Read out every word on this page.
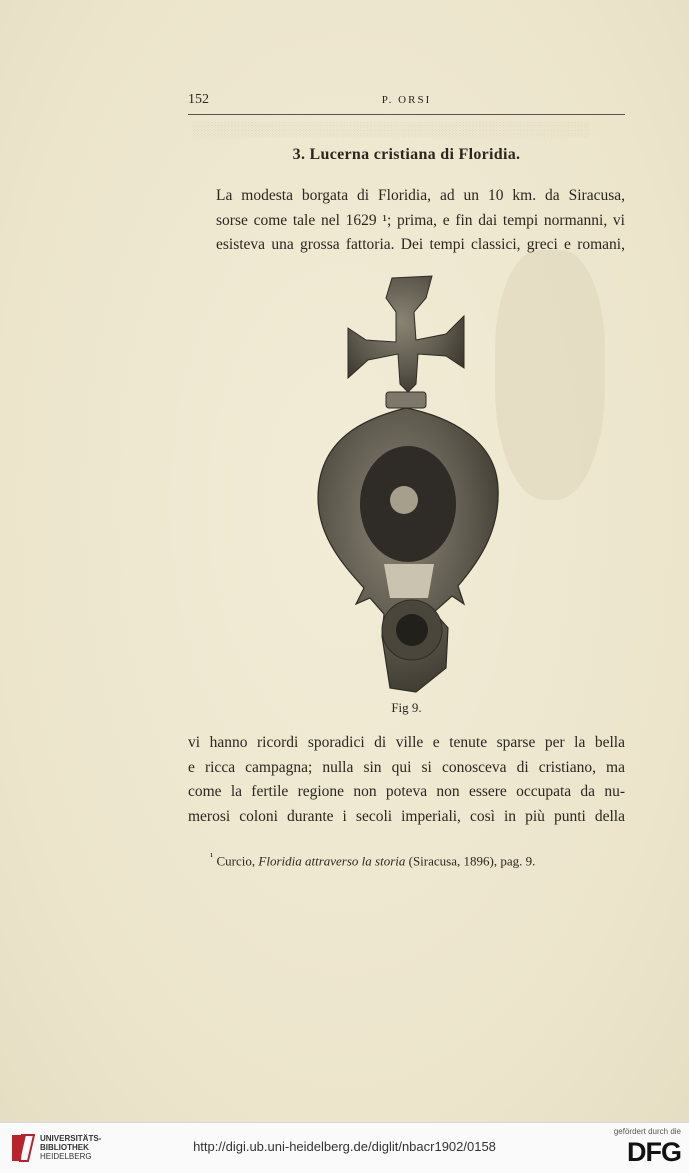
░░░░░░░░░░░░░░░░░░░░░░░░░░░░░░░░░░░░░░░░
152	P. ORSI
3. Lucerna cristiana di Floridia.
La modesta borgata di Floridia, ad un 10 km. da Siracusa,
sorse come tale nel 1629 ¹; prima, e fin dai tempi normanni, vi
esisteva una grossa fattoria. Dei tempi classici, greci e romani,
Fig 9.
vi hanno ricordi sporadici di ville e tenute sparse per la bella
e ricca campagna; nulla sin qui si conosceva di cristiano, ma
come la fertile regione non poteva non essere occupata da nu-
merosi coloni durante i secoli imperiali, così in più punti della
$^{^1}$ Curcio, Floridia attraverso la storia (Siracusa, 1896), pag. 9.
UNIVERSITÄTS-
BIBLIOTHEK
HEIDELBERG
http://digi.ub.uni-heidelberg.de/diglit/nbacr1902/0158
gefördert durch die
DFG
